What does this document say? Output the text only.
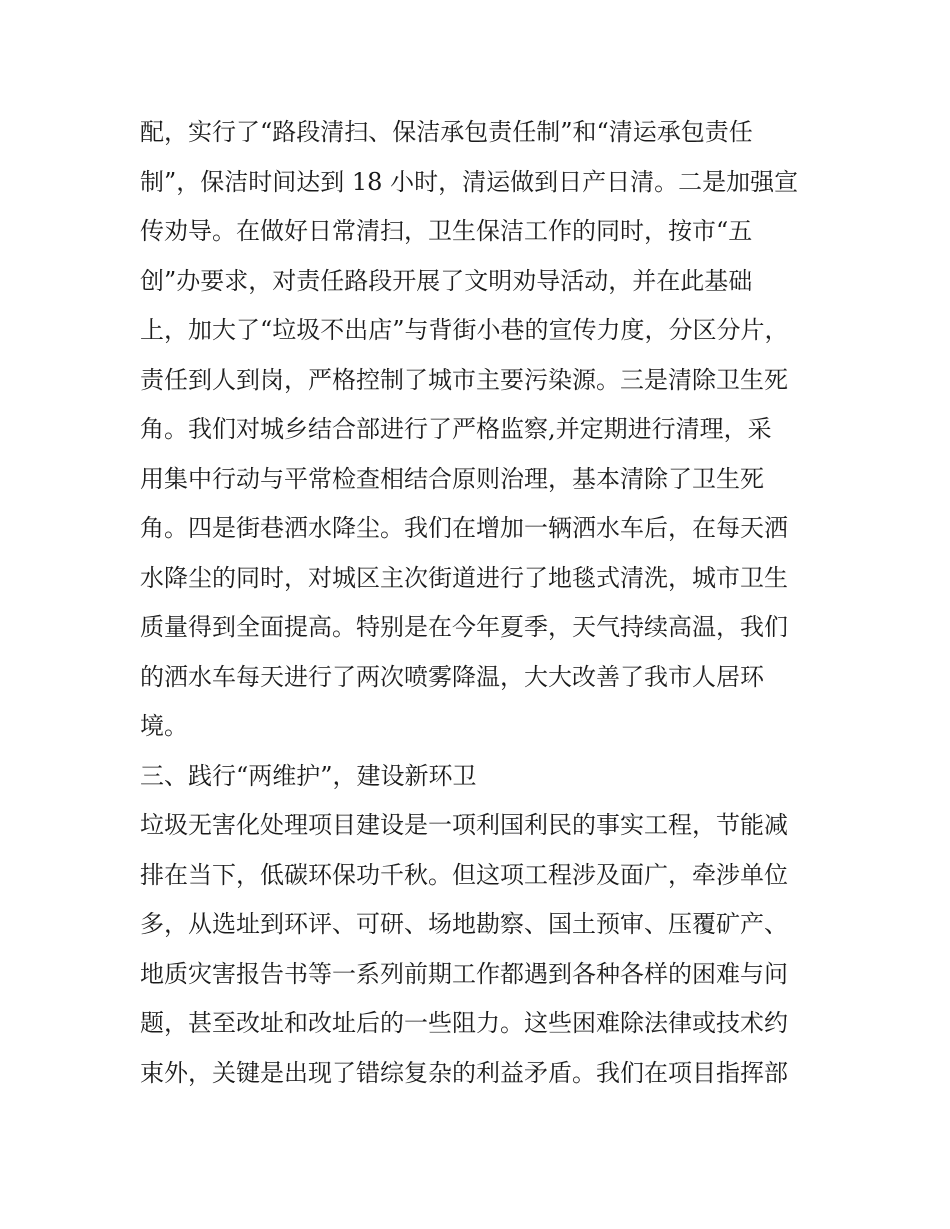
配，实行了“路段清扫、保洁承包责任制”和“清运承包责任
制”，保洁时间达到 18 小时，清运做到日产日清。二是加强宣
传劝导。在做好日常清扫，卫生保洁工作的同时，按市“五
创”办要求，对责任路段开展了文明劝导活动，并在此基础
上，加大了“垃圾不出店”与背街小巷的宣传力度，分区分片，
责任到人到岗，严格控制了城市主要污染源。三是清除卫生死
角。我们对城乡结合部进行了严格监察,并定期进行清理，采
用集中行动与平常检查相结合原则治理，基本清除了卫生死
角。四是街巷洒水降尘。我们在增加一辆洒水车后，在每天洒
水降尘的同时，对城区主次街道进行了地毯式清洗，城市卫生
质量得到全面提高。特别是在今年夏季，天气持续高温，我们
的洒水车每天进行了两次喷雾降温，大大改善了我市人居环
境。
三、践行“两维护”，建设新环卫
垃圾无害化处理项目建设是一项利国利民的事实工程，节能减
排在当下，低碳环保功千秋。但这项工程涉及面广，牵涉单位
多，从选址到环评、可研、场地勘察、国土预审、压覆矿产、
地质灾害报告书等一系列前期工作都遇到各种各样的困难与问
题，甚至改址和改址后的一些阻力。这些困难除法律或技术约
束外，关键是出现了错综复杂的利益矛盾。我们在项目指挥部
